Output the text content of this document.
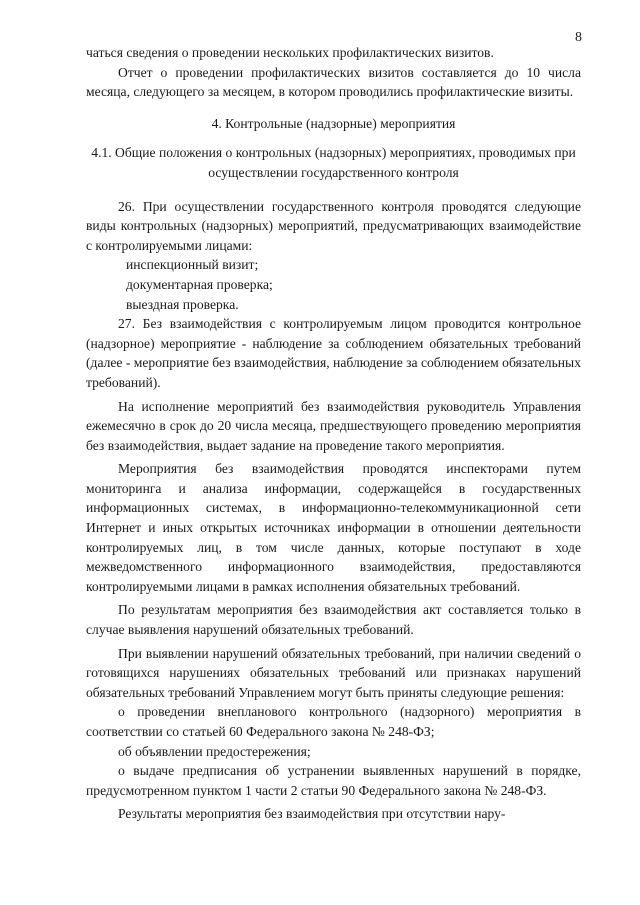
8

чаться сведения о проведении нескольких профилактических визитов.

Отчет о проведении профилактических визитов составляется до 10 числа месяца, следующего за месяцем, в котором проводились профилактические визиты.

4. Контрольные (надзорные) мероприятия

4.1. Общие положения о контрольных (надзорных) мероприятиях, проводимых при осуществлении государственного контроля

26. При осуществлении государственного контроля проводятся следующие виды контрольных (надзорных) мероприятий, предусматривающих взаимодействие с контролируемыми лицами:

инспекционный визит;

документарная проверка;

выездная проверка.

27. Без взаимодействия с контролируемым лицом проводится контрольное (надзорное) мероприятие - наблюдение за соблюдением обязательных требований (далее - мероприятие без взаимодействия, наблюдение за соблюдением обязательных требований).

На исполнение мероприятий без взаимодействия руководитель Управления ежемесячно в срок до 20 числа месяца, предшествующего проведению мероприятия без взаимодействия, выдает задание на проведение такого мероприятия.

Мероприятия без взаимодействия проводятся инспекторами путем мониторинга и анализа информации, содержащейся в государственных информационных системах, в информационно-телекоммуникационной сети Интернет и иных открытых источниках информации в отношении деятельности контролируемых лиц, в том числе данных, которые поступают в ходе межведомственного информационного взаимодействия, предоставляются контролируемыми лицами в рамках исполнения обязательных требований.

По результатам мероприятия без взаимодействия акт составляется только в случае выявления нарушений обязательных требований.

При выявлении нарушений обязательных требований, при наличии сведений о готовящихся нарушениях обязательных требований или признаках нарушений обязательных требований Управлением могут быть приняты следующие решения:

о проведении внепланового контрольного (надзорного) мероприятия в соответствии со статьей 60 Федерального закона № 248-ФЗ;

об объявлении предостережения;

о выдаче предписания об устранении выявленных нарушений в порядке, предусмотренном пунктом 1 части 2 статьи 90 Федерального закона № 248-ФЗ.

Результаты мероприятия без взаимодействия при отсутствии нару-
